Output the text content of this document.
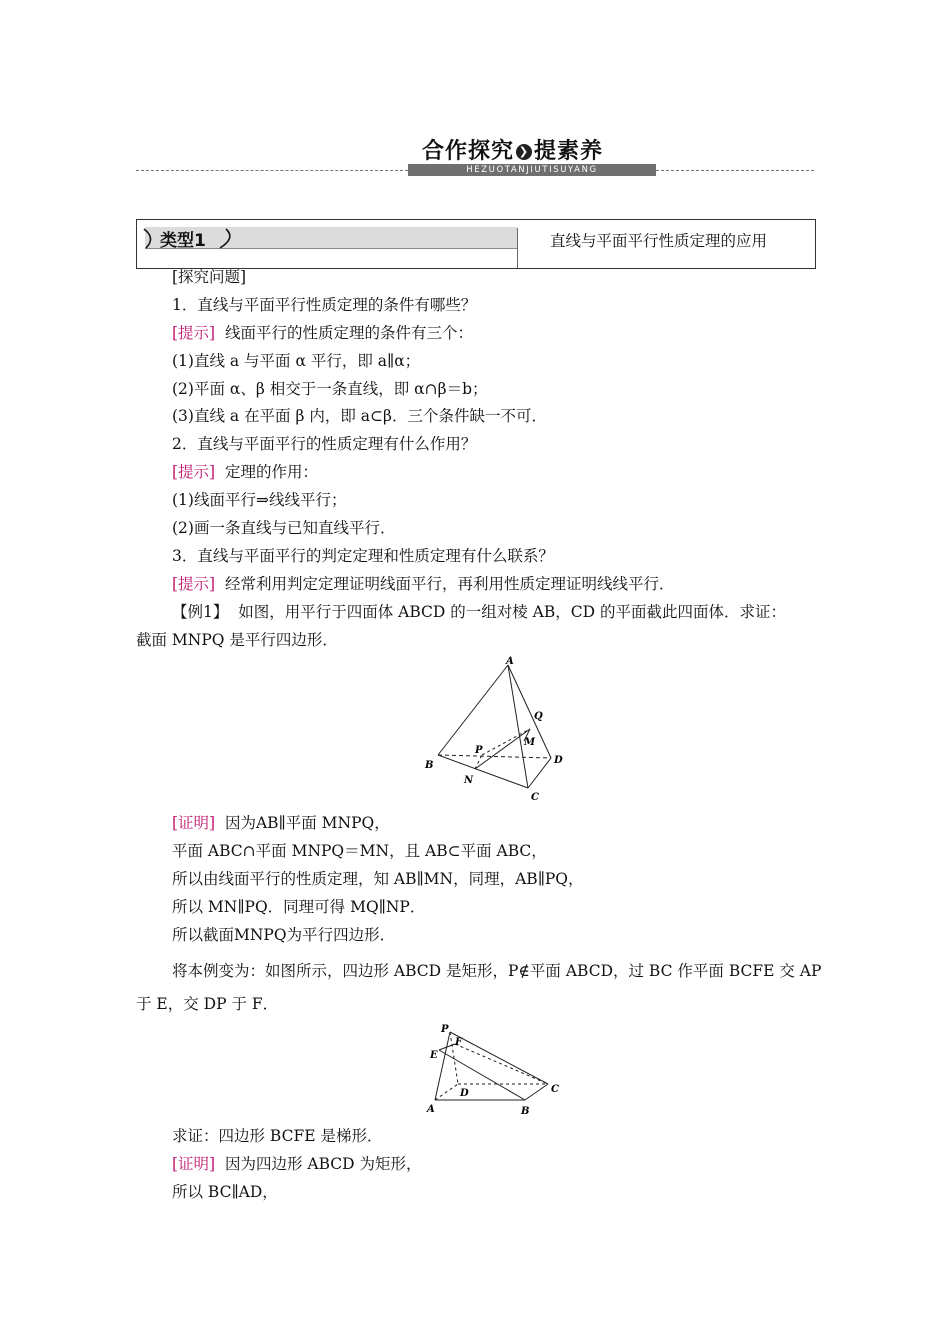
合作探究 ❯ 提素养
HEZUOTANJIUTISUYANG
类型1	直线与平面平行性质定理的应用
[探究问题]
1．直线与平面平行性质定理的条件有哪些？
[提示] 线面平行的性质定理的条件有三个：
(1)直线 a 与平面 α 平行，即 a∥α；
(2)平面 α、β 相交于一条直线，即 α∩β＝b；
(3)直线 a 在平面 β 内，即 a⊂β．三个条件缺一不可．
2．直线与平面平行的性质定理有什么作用？
[提示] 定理的作用：
(1)线面平行⇒线线平行；
(2)画一条直线与已知直线平行．
3．直线与平面平行的判定定理和性质定理有什么联系？
[提示] 经常利用判定定理证明线面平行，再利用性质定理证明线线平行．
【例1】 如图，用平行于四面体 ABCD 的一组对棱 AB，CD 的平面截此四面体．求证：
截面 MNPQ 是平行四边形．
A
B
C
D
M
N
P
Q
[证明] 因为AB∥平面 MNPQ，
平面 ABC∩平面 MNPQ＝MN，且 AB⊂平面 ABC，
所以由线面平行的性质定理，知 AB∥MN，同理，AB∥PQ，
所以 MN∥PQ．同理可得 MQ∥NP．
所以截面MNPQ为平行四边形．
将本例变为：如图所示，四边形 ABCD 是矩形，P∉平面 ABCD，过 BC 作平面 BCFE 交 AP
于 E，交 DP 于 F．
P
E
F
D	C
A	B
求证：四边形 BCFE 是梯形．
[证明] 因为四边形 ABCD 为矩形，
所以 BC∥AD，
